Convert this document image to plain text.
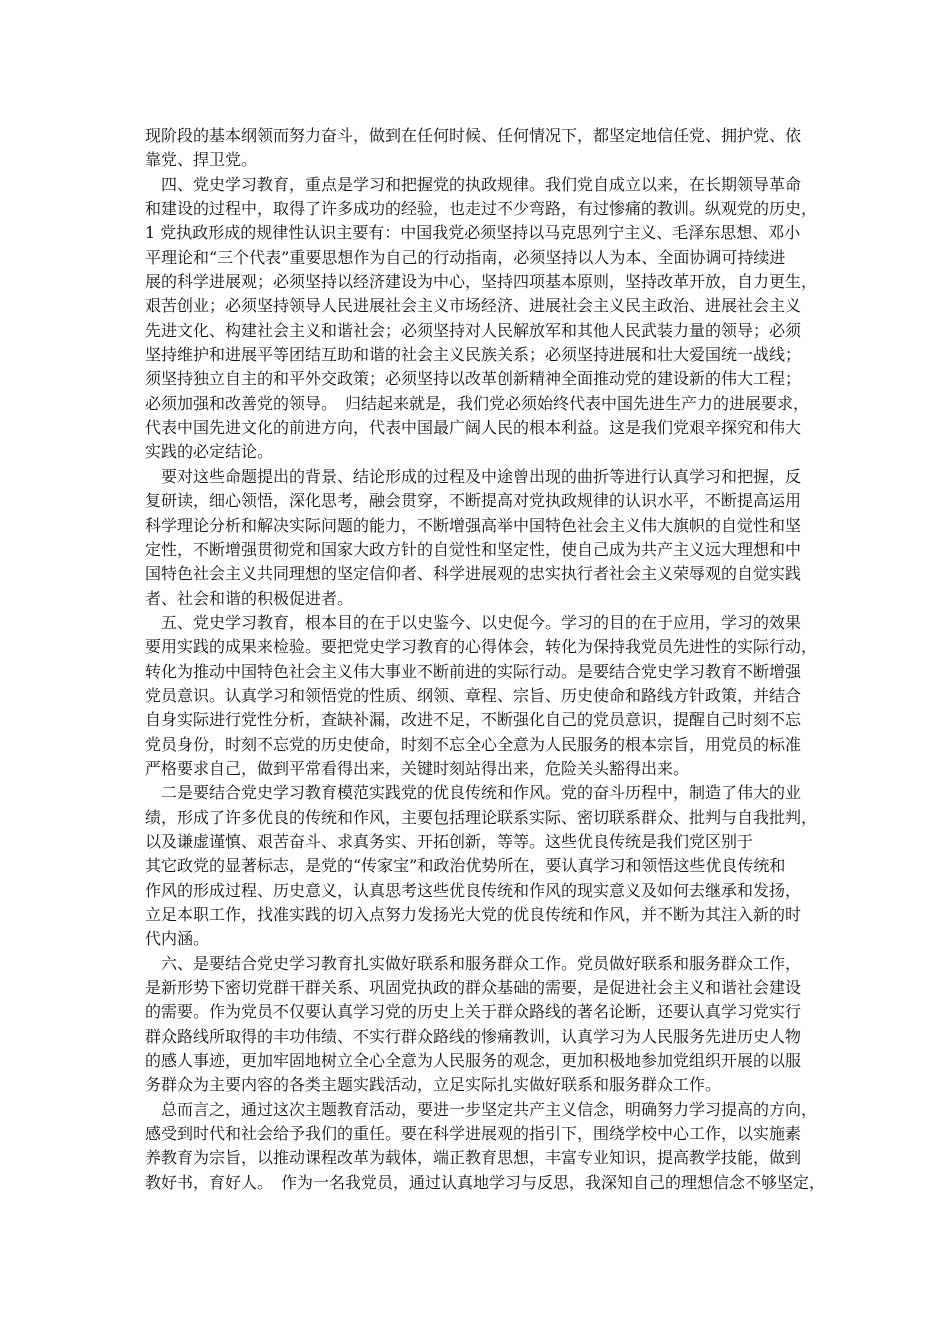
现阶段的基本纲领而努力奋斗，做到在任何时候、任何情况下，都坚定地信任党、拥护党、依
靠党、捍卫党。

　四、党史学习教育，重点是学习和把握党的执政规律。我们党自成立以来，在长期领导革命
和建设的过程中，取得了许多成功的经验，也走过不少弯路，有过惨痛的教训。纵观党的历史，
1 党执政形成的规律性认识主要有：中国我党必须坚持以马克思列宁主义、毛泽东思想、邓小
平理论和“三个代表”重要思想作为自己的行动指南，必须坚持以人为本、全面协调可持续进
展的科学进展观；必须坚持以经济建设为中心，坚持四项基本原则，坚持改革开放，自力更生，
艰苦创业；必须坚持领导人民进展社会主义市场经济、进展社会主义民主政治、进展社会主义
先进文化、构建社会主义和谐社会；必须坚持对人民解放军和其他人民武装力量的领导；必须
坚持维护和进展平等团结互助和谐的社会主义民族关系；必须坚持进展和壮大爱国统一战线；
须坚持独立自主的和平外交政策；必须坚持以改革创新精神全面推动党的建设新的伟大工程；
必须加强和改善党的领导。　归结起来就是，我们党必须始终代表中国先进生产力的进展要求，
代表中国先进文化的前进方向，代表中国最广阔人民的根本利益。这是我们党艰辛探究和伟大
实践的必定结论。

　要对这些命题提出的背景、结论形成的过程及中途曾出现的曲折等进行认真学习和把握，反
复研读，细心领悟，深化思考，融会贯穿，不断提高对党执政规律的认识水平，不断提高运用
科学理论分析和解决实际问题的能力，不断增强高举中国特色社会主义伟大旗帜的自觉性和坚
定性，不断增强贯彻党和国家大政方针的自觉性和坚定性，使自己成为共产主义远大理想和中
国特色社会主义共同理想的坚定信仰者、科学进展观的忠实执行者社会主义荣辱观的自觉实践
者、社会和谐的积极促进者。

　五、党史学习教育，根本目的在于以史鉴今、以史促今。学习的目的在于应用，学习的效果
要用实践的成果来检验。要把党史学习教育的心得体会，转化为保持我党员先进性的实际行动，
转化为推动中国特色社会主义伟大事业不断前进的实际行动。是要结合党史学习教育不断增强
党员意识。认真学习和领悟党的性质、纲领、章程、宗旨、历史使命和路线方针政策，并结合
自身实际进行党性分析，查缺补漏，改进不足，不断强化自己的党员意识，提醒自己时刻不忘
党员身份，时刻不忘党的历史使命，时刻不忘全心全意为人民服务的根本宗旨，用党员的标准
严格要求自己，做到平常看得出来，关键时刻站得出来，危险关头豁得出来。

　二是要结合党史学习教育模范实践党的优良传统和作风。党的奋斗历程中，制造了伟大的业
绩，形成了许多优良的传统和作风，主要包括理论联系实际、密切联系群众、批判与自我批判，
以及谦虚谨慎、艰苦奋斗、求真务实、开拓创新，等等。这些优良传统是我们党区别于
其它政党的显著标志，是党的“传家宝”和政治优势所在，要认真学习和领悟这些优良传统和
作风的形成过程、历史意义，认真思考这些优良传统和作风的现实意义及如何去继承和发扬，
立足本职工作，找准实践的切入点努力发扬光大党的优良传统和作风，并不断为其注入新的时
代内涵。

　六、是要结合党史学习教育扎实做好联系和服务群众工作。党员做好联系和服务群众工作，
是新形势下密切党群干群关系、巩固党执政的群众基础的需要，是促进社会主义和谐社会建设
的需要。作为党员不仅要认真学习党的历史上关于群众路线的著名论断，还要认真学习党实行
群众路线所取得的丰功伟绩、不实行群众路线的惨痛教训，认真学习为人民服务先进历史人物
的感人事迹，更加牢固地树立全心全意为人民服务的观念，更加积极地参加党组织开展的以服
务群众为主要内容的各类主题实践活动，立足实际扎实做好联系和服务群众工作。

　总而言之，通过这次主题教育活动，要进一步坚定共产主义信念，明确努力学习提高的方向，
感受到时代和社会给予我们的重任。要在科学进展观的指引下，围绕学校中心工作，以实施素
养教育为宗旨，以推动课程改革为载体，端正教育思想，丰富专业知识，提高教学技能，做到
教好书，育好人。　作为一名我党员，通过认真地学习与反思，我深知自己的理想信念不够坚定，
